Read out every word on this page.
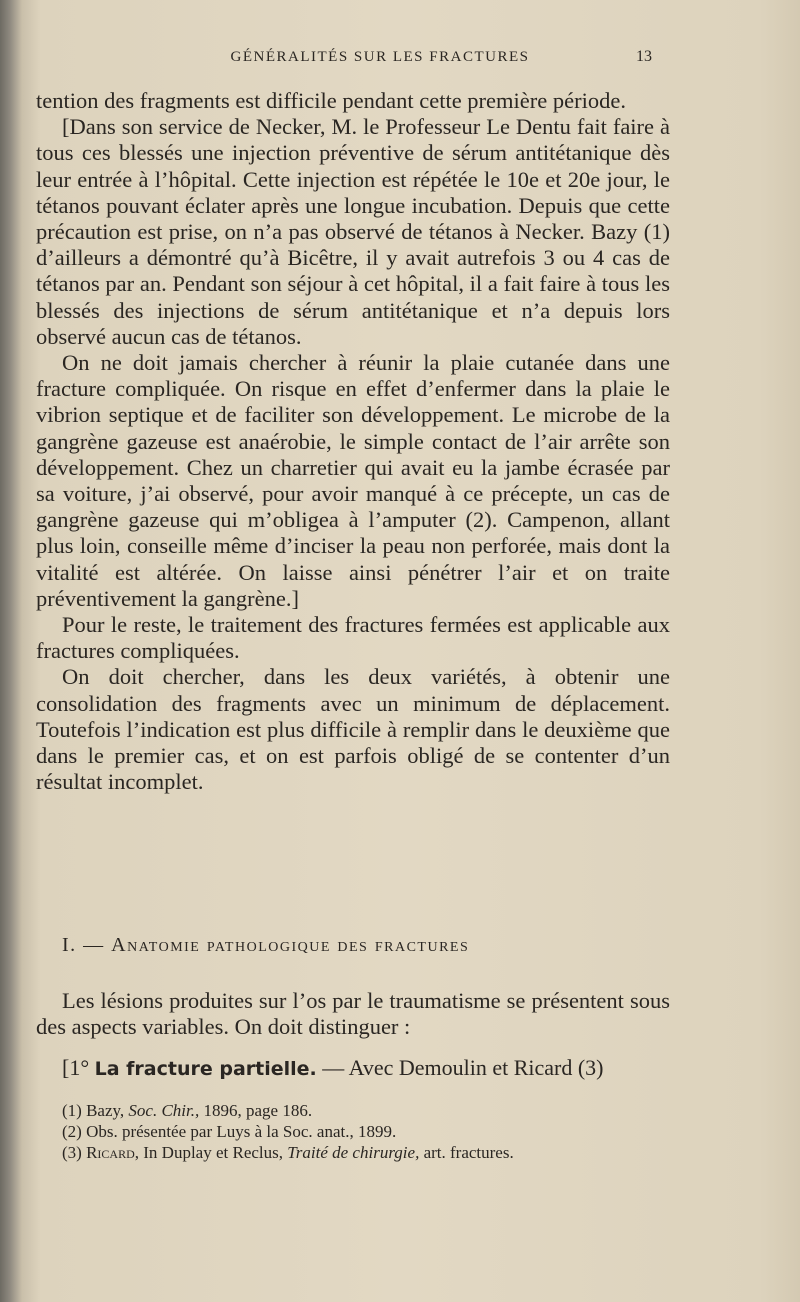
GÉNÉRALITÉS SUR LES FRACTURES	13

tention des fragments est difficile pendant cette première période.

[Dans son service de Necker, M. le Professeur Le Dentu fait faire à tous ces blessés une injection préventive de sérum antitétanique dès leur entrée à l’hôpital. Cette injection est répétée le 10e et 20e jour, le tétanos pouvant éclater après une longue incubation. Depuis que cette précaution est prise, on n’a pas observé de tétanos à Necker. Bazy (1) d’ailleurs a démontré qu’à Bicêtre, il y avait autrefois 3 ou 4 cas de tétanos par an. Pendant son séjour à cet hôpital, il a fait faire à tous les blessés des injections de sérum antitétanique et n’a depuis lors observé aucun cas de tétanos.

On ne doit jamais chercher à réunir la plaie cutanée dans une fracture compliquée. On risque en effet d’enfermer dans la plaie le vibrion septique et de faciliter son développement. Le microbe de la gangrène gazeuse est anaérobie, le simple contact de l’air arrête son développement. Chez un charretier qui avait eu la jambe écrasée par sa voiture, j’ai observé, pour avoir manqué à ce précepte, un cas de gangrène gazeuse qui m’obligea à l’amputer (2). Campenon, allant plus loin, conseille même d’inciser la peau non perforée, mais dont la vitalité est altérée. On laisse ainsi pénétrer l’air et on traite préventivement la gangrène.]

Pour le reste, le traitement des fractures fermées est applicable aux fractures compliquées.

On doit chercher, dans les deux variétés, à obtenir une consolidation des fragments avec un minimum de déplacement. Toutefois l’indication est plus difficile à remplir dans le deuxième que dans le premier cas, et on est parfois obligé de se contenter d’un résultat incomplet.

I. — Anatomie pathologique des fractures

Les lésions produites sur l’os par le traumatisme se présentent sous des aspects variables. On doit distinguer :

[1° La fracture partielle. — Avec Demoulin et Ricard (3)
(1) Bazy, Soc. Chir., 1896, page 186.
(2) Obs. présentée par Luys à la Soc. anat., 1899.
(3) Ricard, In Duplay et Reclus, Traité de chirurgie, art. fractures.
